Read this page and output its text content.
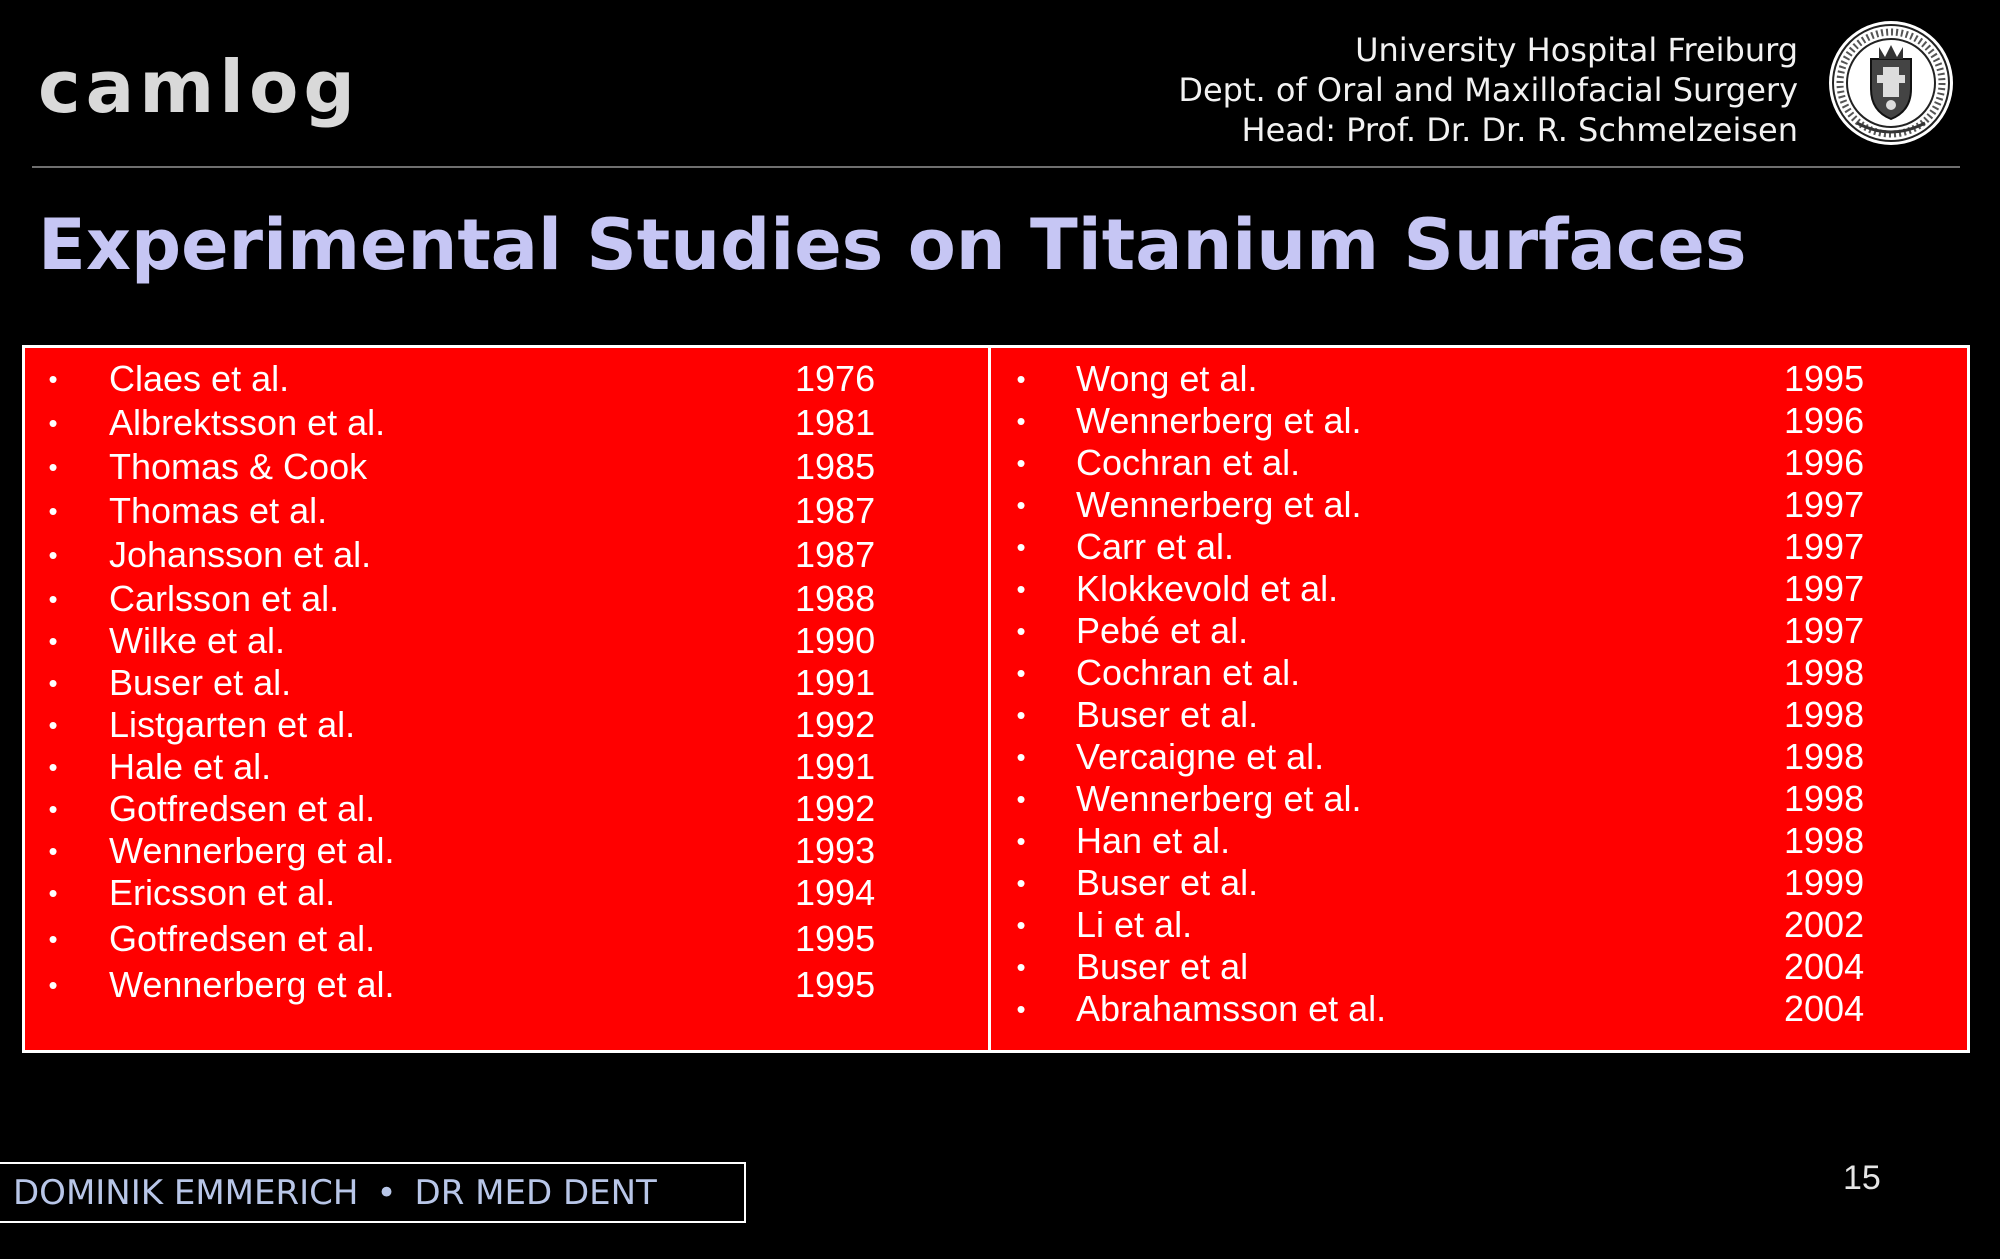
camlog	University Hospital Freiburg
Dept. of Oral and Maxillofacial Surgery
Head: Prof. Dr. Dr. R. Schmelzeisen
Experimental Studies on Titanium Surfaces
• Claes et al.	1976
• Albrektsson et al.	1981
• Thomas & Cook	1985
• Thomas et al.	1987
• Johansson et al.	1987
• Carlsson et al.	1988
• Wilke et al.	1990
• Buser et al.	1991
• Listgarten et al.	1992
• Hale et al.	1991
• Gotfredsen et al.	1992
• Wennerberg et al.	1993
• Ericsson et al.	1994
• Gotfredsen et al.	1995
• Wennerberg et al.	1995
• Wong et al.	1995
• Wennerberg et al.	1996
• Cochran et al.	1996
• Wennerberg et al.	1997
• Carr et al.	1997
• Klokkevold et al.	1997
• Pebé et al.	1997
• Cochran et al.	1998
• Buser et al.	1998
• Vercaigne et al.	1998
• Wennerberg et al.	1998
• Han et al.	1998
• Buser et al.	1999
• Li et al.	2002
• Buser et al	2004
• Abrahamsson et al.	2004
DOMINIK EMMERICH • DR MED DENT	15
